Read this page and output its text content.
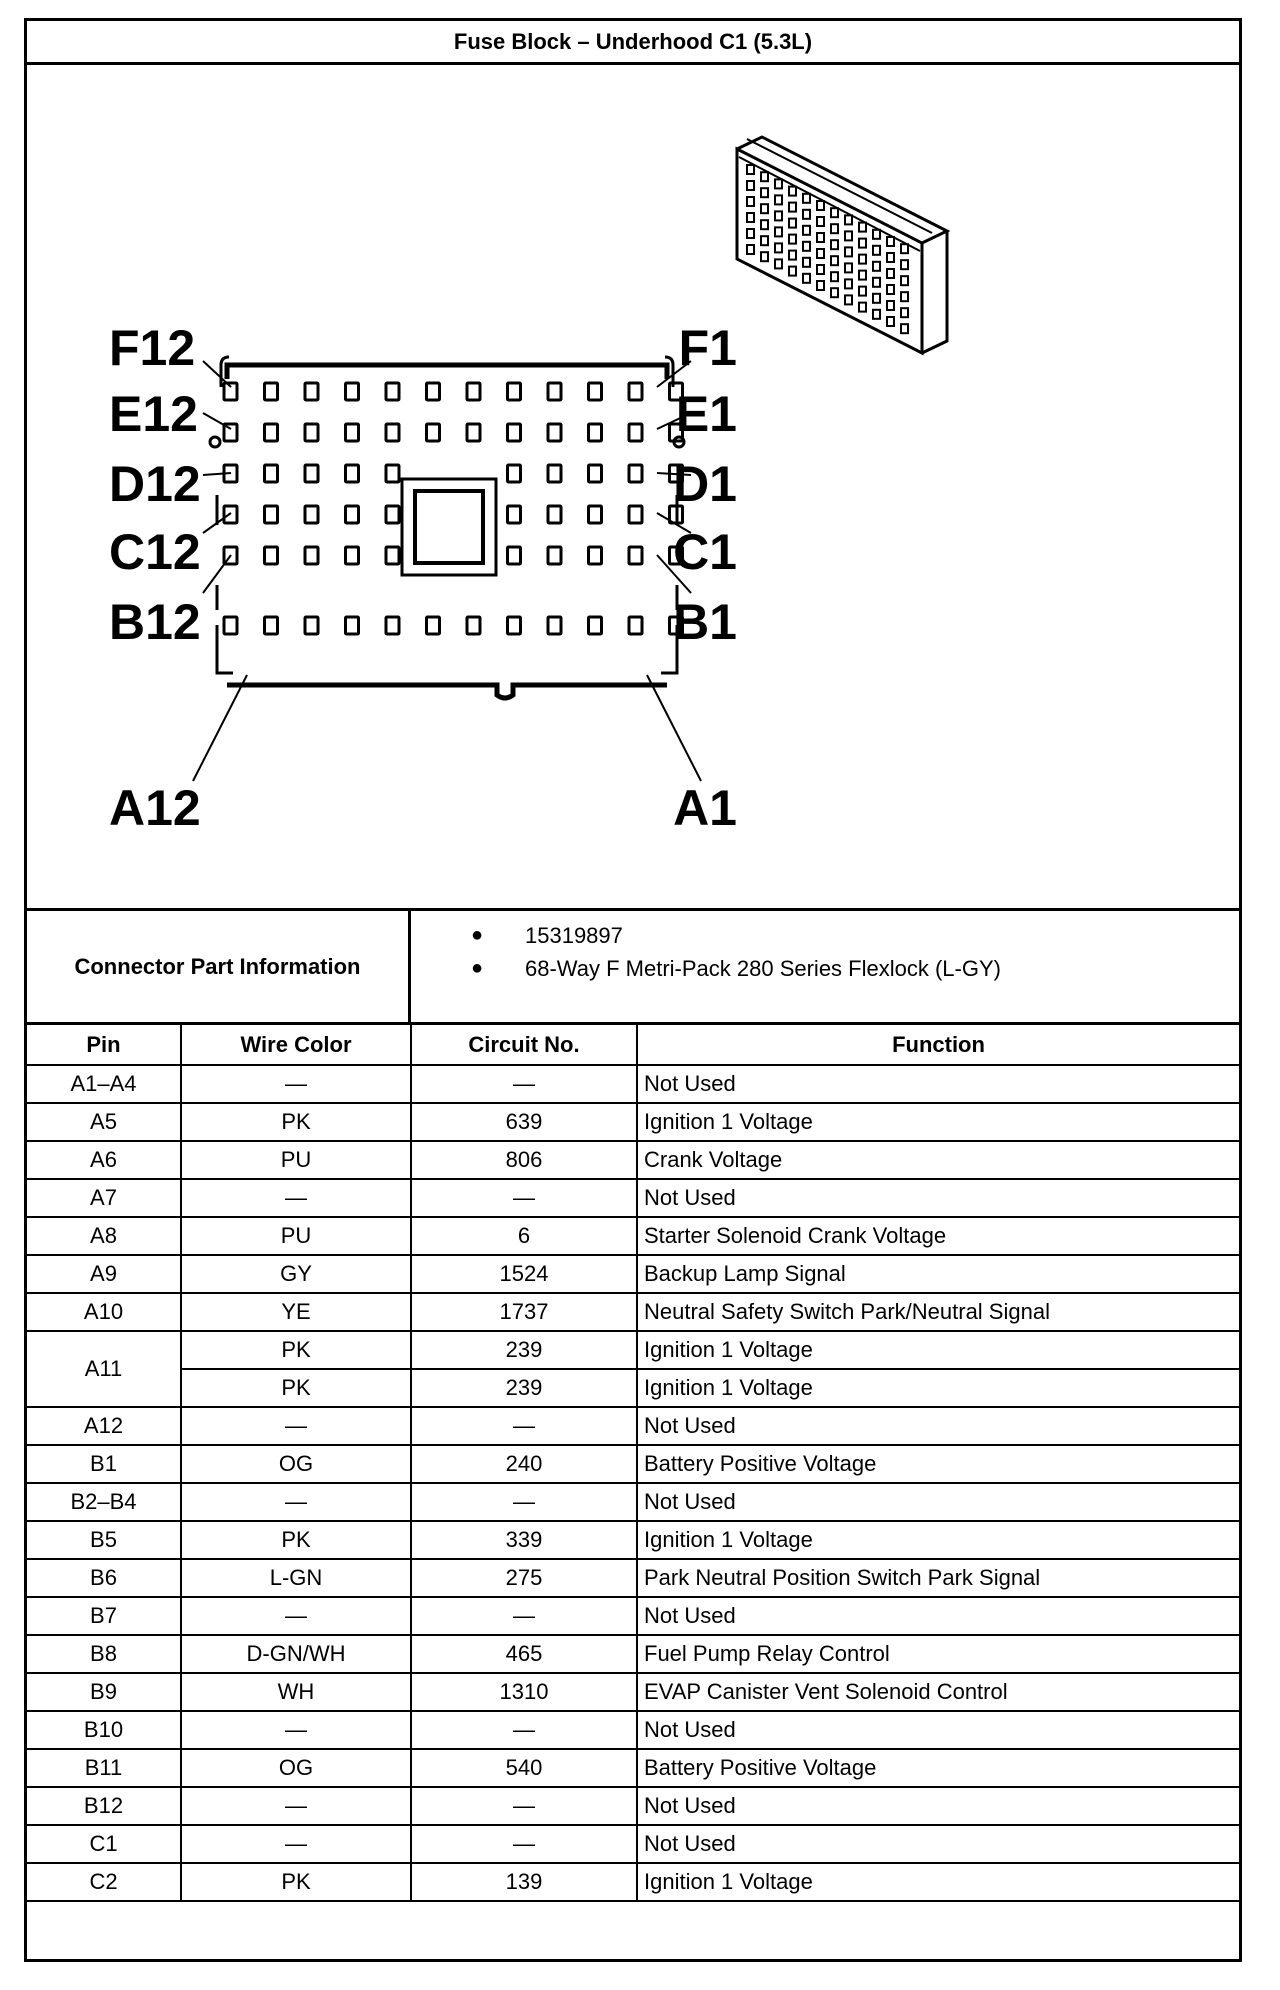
Fuse Block – Underhood C1 (5.3L)
F12
E12
D12
C12
B12
A12
F1
E1
D1
C1
B1
A1
Connector Part Information
● 15319897
● 68-Way F Metri-Pack 280 Series Flexlock (L-GY)
Pin	Wire Color	Circuit No.	Function
A1–A4	—	—	Not Used
A5	PK	639	Ignition 1 Voltage
A6	PU	806	Crank Voltage
A7	—	—	Not Used
A8	PU	6	Starter Solenoid Crank Voltage
A9	GY	1524	Backup Lamp Signal
A10	YE	1737	Neutral Safety Switch Park/Neutral Signal
A11	PK	239	Ignition 1 Voltage
	PK	239	Ignition 1 Voltage
A12	—	—	Not Used
B1	OG	240	Battery Positive Voltage
B2–B4	—	—	Not Used
B5	PK	339	Ignition 1 Voltage
B6	L-GN	275	Park Neutral Position Switch Park Signal
B7	—	—	Not Used
B8	D-GN/WH	465	Fuel Pump Relay Control
B9	WH	1310	EVAP Canister Vent Solenoid Control
B10	—	—	Not Used
B11	OG	540	Battery Positive Voltage
B12	—	—	Not Used
C1	—	—	Not Used
C2	PK	139	Ignition 1 Voltage
